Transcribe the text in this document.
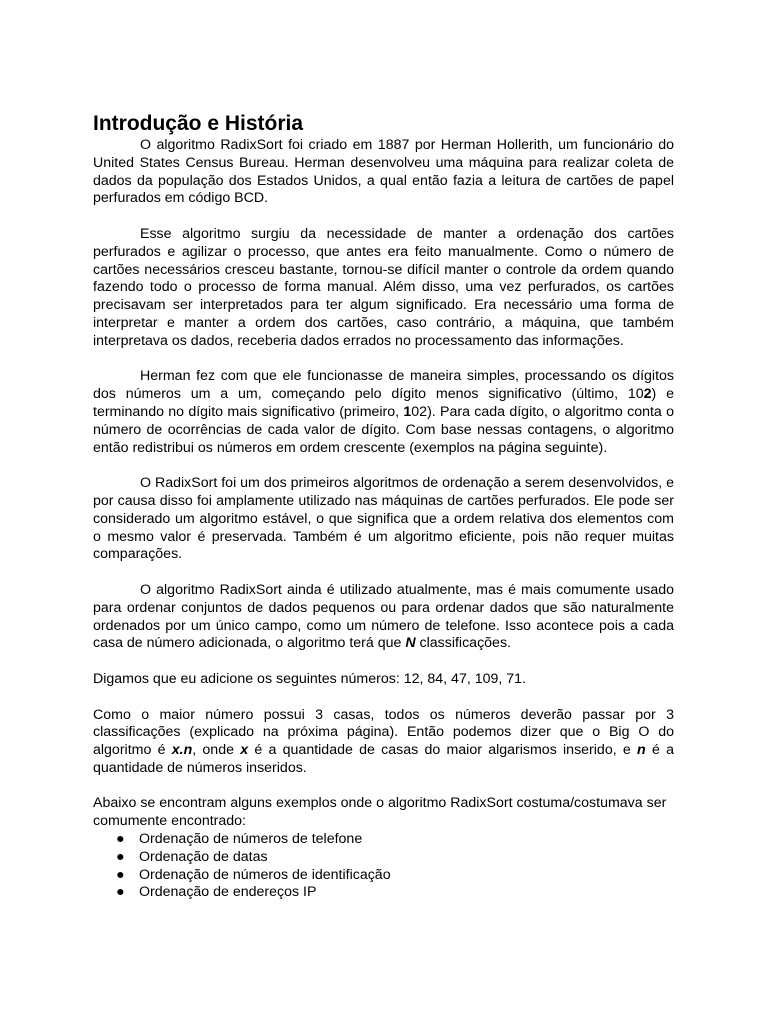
Introdução e História

O algoritmo RadixSort foi criado em 1887 por Herman Hollerith, um funcionário do United States Census Bureau. Herman desenvolveu uma máquina para realizar coleta de dados da população dos Estados Unidos, a qual então fazia a leitura de cartões de papel perfurados em código BCD.

Esse algoritmo surgiu da necessidade de manter a ordenação dos cartões perfurados e agilizar o processo, que antes era feito manualmente. Como o número de cartões necessários cresceu bastante, tornou-se difícil manter o controle da ordem quando fazendo todo o processo de forma manual. Além disso, uma vez perfurados, os cartões precisavam ser interpretados para ter algum significado. Era necessário uma forma de interpretar e manter a ordem dos cartões, caso contrário, a máquina, que também interpretava os dados, receberia dados errados no processamento das informações.

Herman fez com que ele funcionasse de maneira simples, processando os dígitos dos números um a um, começando pelo dígito menos significativo (último, 102) e terminando no dígito mais significativo (primeiro, 102). Para cada dígito, o algoritmo conta o número de ocorrências de cada valor de dígito. Com base nessas contagens, o algoritmo então redistribui os números em ordem crescente (exemplos na página seguinte).

O RadixSort foi um dos primeiros algoritmos de ordenação a serem desenvolvidos, e por causa disso foi amplamente utilizado nas máquinas de cartões perfurados. Ele pode ser considerado um algoritmo estável, o que significa que a ordem relativa dos elementos com o mesmo valor é preservada. Também é um algoritmo eficiente, pois não requer muitas comparações.

O algoritmo RadixSort ainda é utilizado atualmente, mas é mais comumente usado para ordenar conjuntos de dados pequenos ou para ordenar dados que são naturalmente ordenados por um único campo, como um número de telefone. Isso acontece pois a cada casa de número adicionada, o algoritmo terá que N classificações.

Digamos que eu adicione os seguintes números: 12, 84, 47, 109, 71.

Como o maior número possui 3 casas, todos os números deverão passar por 3 classificações (explicado na próxima página). Então podemos dizer que o Big O do algoritmo é x.n, onde x é a quantidade de casas do maior algarismos inserido, e n é a quantidade de números inseridos.

Abaixo se encontram alguns exemplos onde o algoritmo RadixSort costuma/costumava ser comumente encontrado:

● Ordenação de números de telefone
● Ordenação de datas
● Ordenação de números de identificação
● Ordenação de endereços IP
